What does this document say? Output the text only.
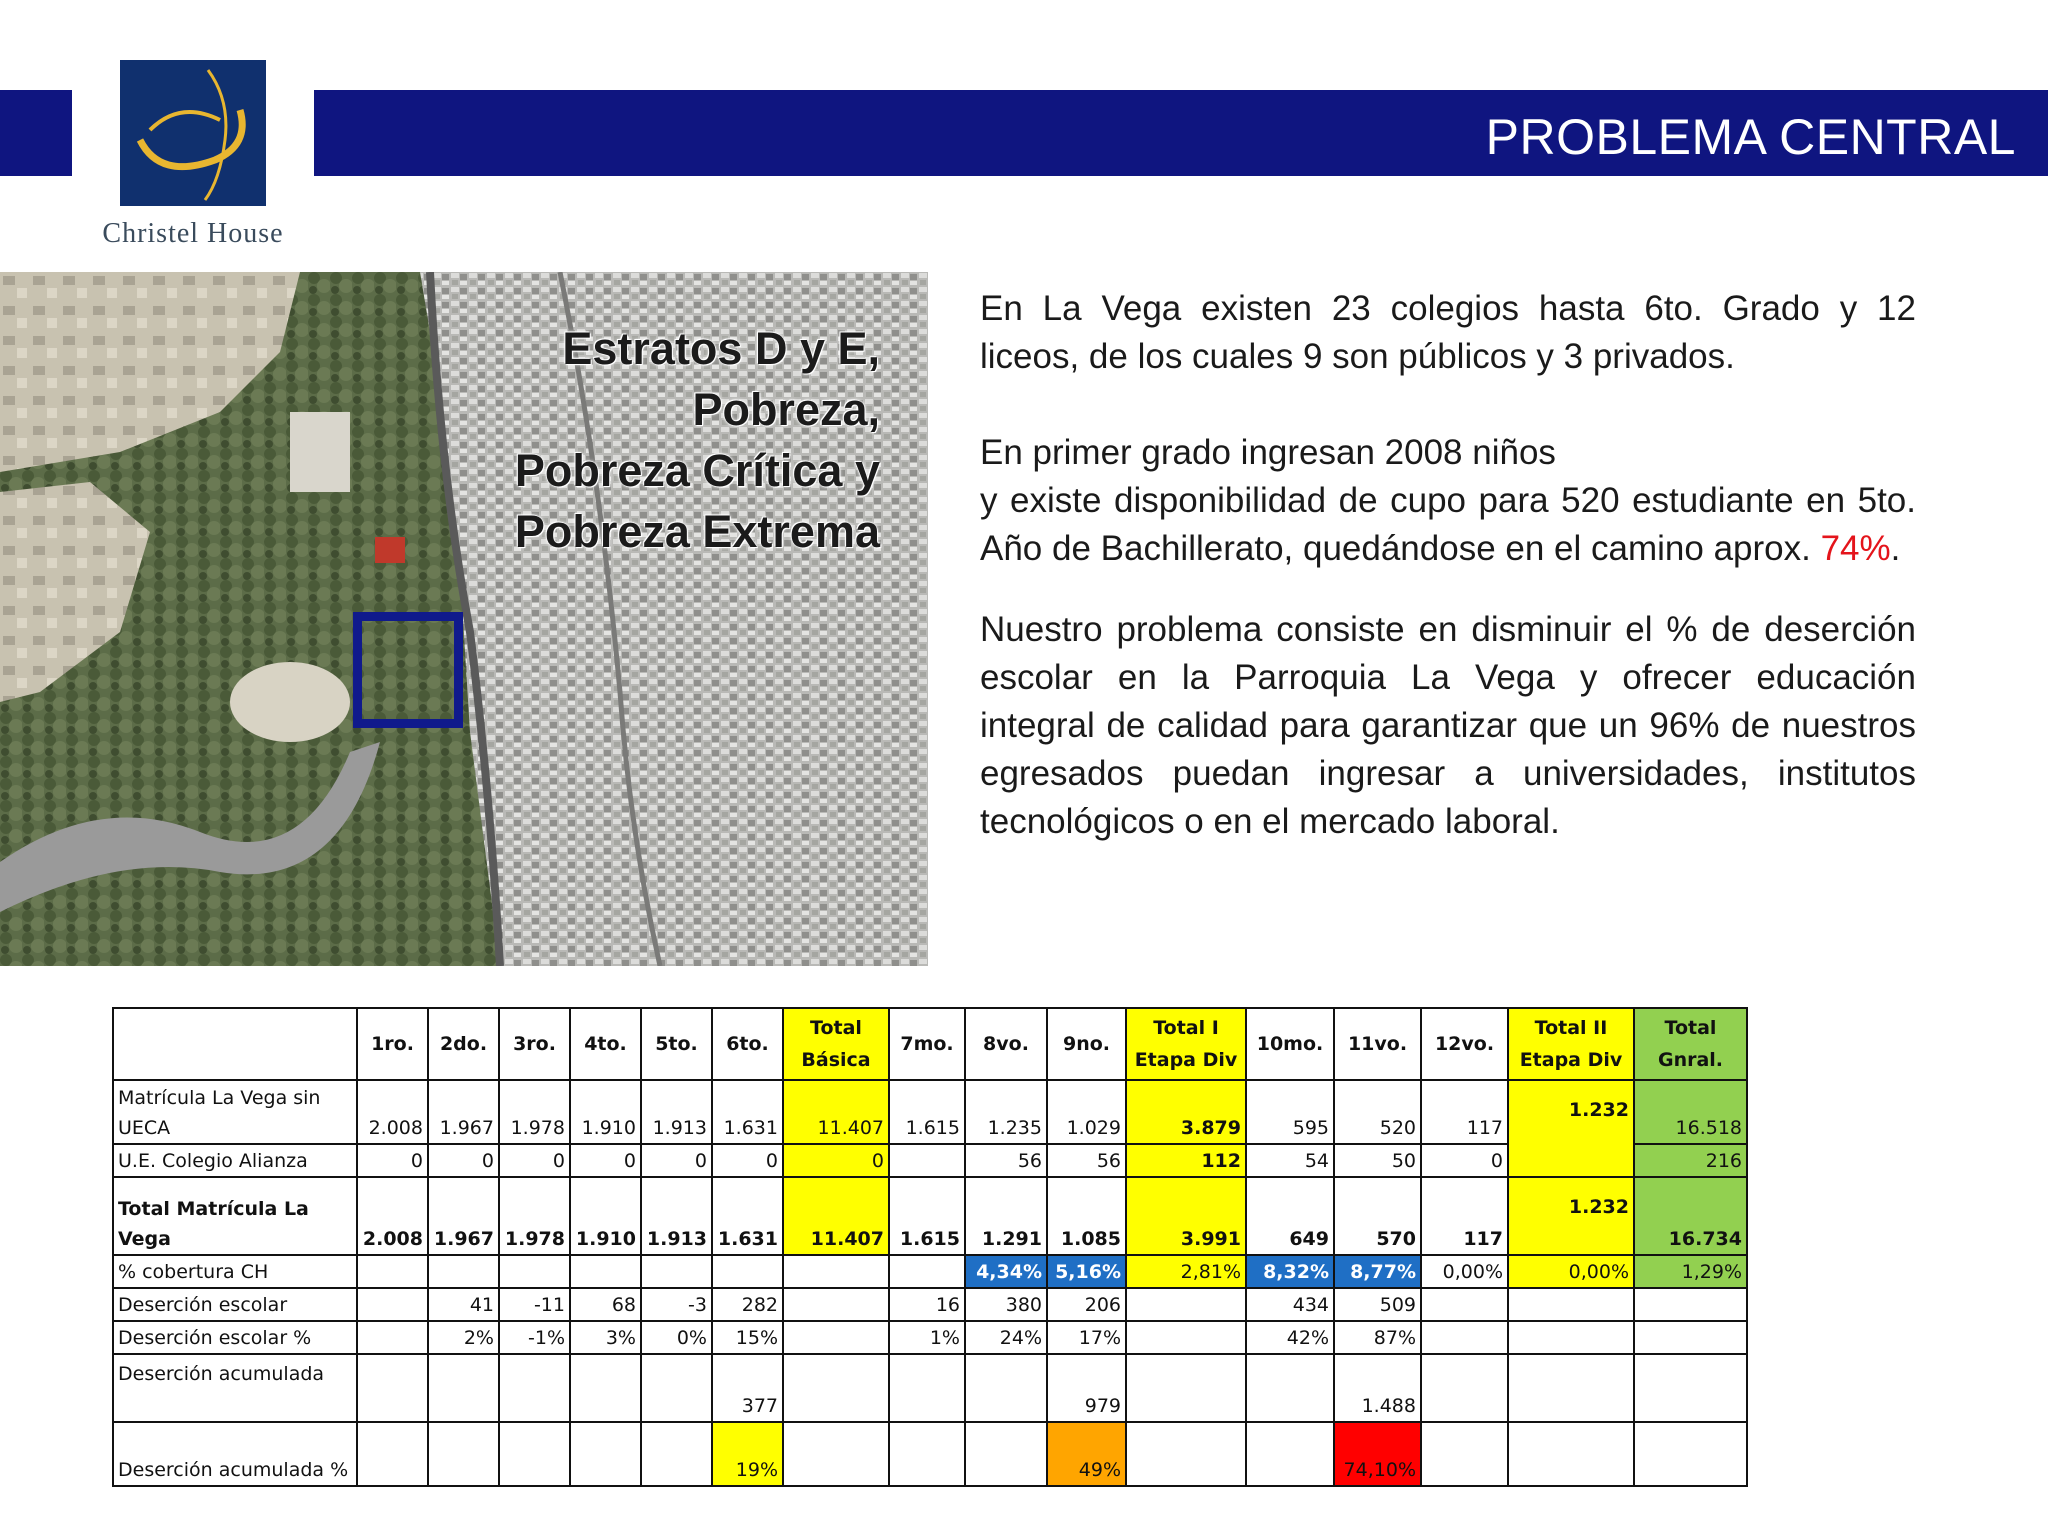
PROBLEMA CENTRAL
Christel House
Estratos D y E,
Pobreza,
Pobreza Crítica y
Pobreza Extrema

En La Vega existen 23 colegios hasta 6to. Grado y 12 liceos, de los cuales 9 son públicos y 3 privados.

En primer grado ingresan 2008 niños
y existe disponibilidad de cupo para 520 estudiante en 5to. Año de Bachillerato, quedándose en el camino aprox. 74%.

Nuestro problema consiste en disminuir el % de deserción escolar en la Parroquia La Vega y ofrecer educación integral de calidad para garantizar que un 96% de nuestros egresados puedan ingresar a universidades, institutos tecnológicos o en el mercado laboral.

	1ro.	2do.	3ro.	4to.	5to.	6to.	Total Básica	7mo.	8vo.	9no.	Total I Etapa Div	10mo.	11vo.	12vo.	Total II Etapa Div	Total Gnral.
Matrícula La Vega sin UECA	2.008	1.967	1.978	1.910	1.913	1.631	11.407	1.615	1.235	1.029	3.879	595	520	117	1.232	16.518
U.E. Colegio Alianza	0	0	0	0	0	0	0		56	56	112	54	50	0		216
Total Matrícula La Vega	2.008	1.967	1.978	1.910	1.913	1.631	11.407	1.615	1.291	1.085	3.991	649	570	117	1.232	16.734
% cobertura CH									4,34%	5,16%	2,81%	8,32%	8,77%	0,00%	0,00%	1,29%
Deserción escolar		41	-11	68	-3	282		16	380	206		434	509			
Deserción escolar %		2%	-1%	3%	0%	15%		1%	24%	17%		42%	87%			
Deserción acumulada						377				979			1.488			
Deserción acumulada %						19%				49%			74,10%			
